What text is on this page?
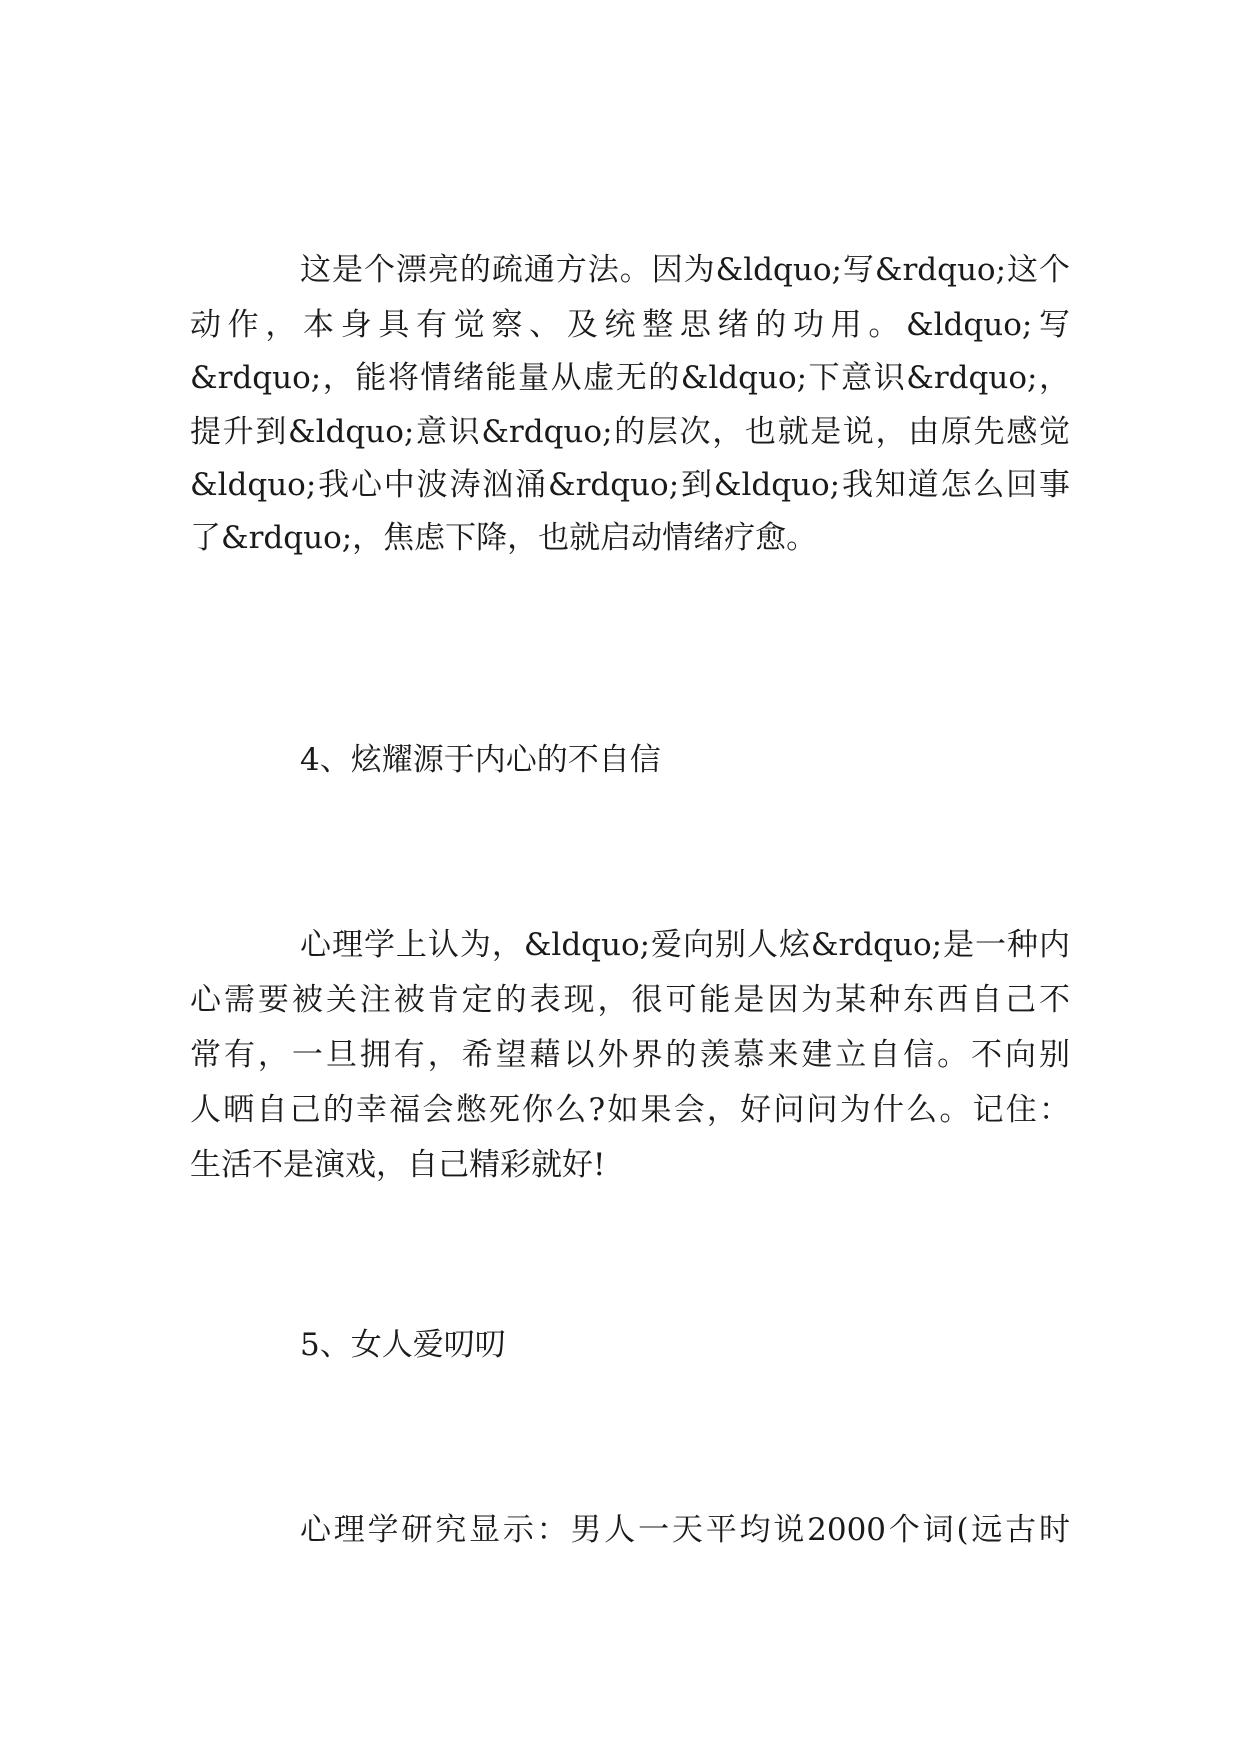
这是个漂亮的疏通方法。因为&ldquo;写&rdquo;这个
动作，本身具有觉察、及统整思绪的功用。&ldquo;写
&rdquo;，能将情绪能量从虚无的&ldquo;下意识&rdquo;，
提升到&ldquo;意识&rdquo;的层次，也就是说，由原先感觉
&ldquo;我心中波涛汹涌&rdquo;到&ldquo;我知道怎么回事
了&rdquo;，焦虑下降，也就启动情绪疗愈。
4、炫耀源于内心的不自信
心理学上认为，&ldquo;爱向别人炫&rdquo;是一种内
心需要被关注被肯定的表现，很可能是因为某种东西自己不
常有，一旦拥有，希望藉以外界的羡慕来建立自信。不向别
人晒自己的幸福会憋死你么?如果会，好问问为什么。记住：
生活不是演戏，自己精彩就好!
5、女人爱叨叨
心理学研究显示：男人一天平均说2000个词(远古时
